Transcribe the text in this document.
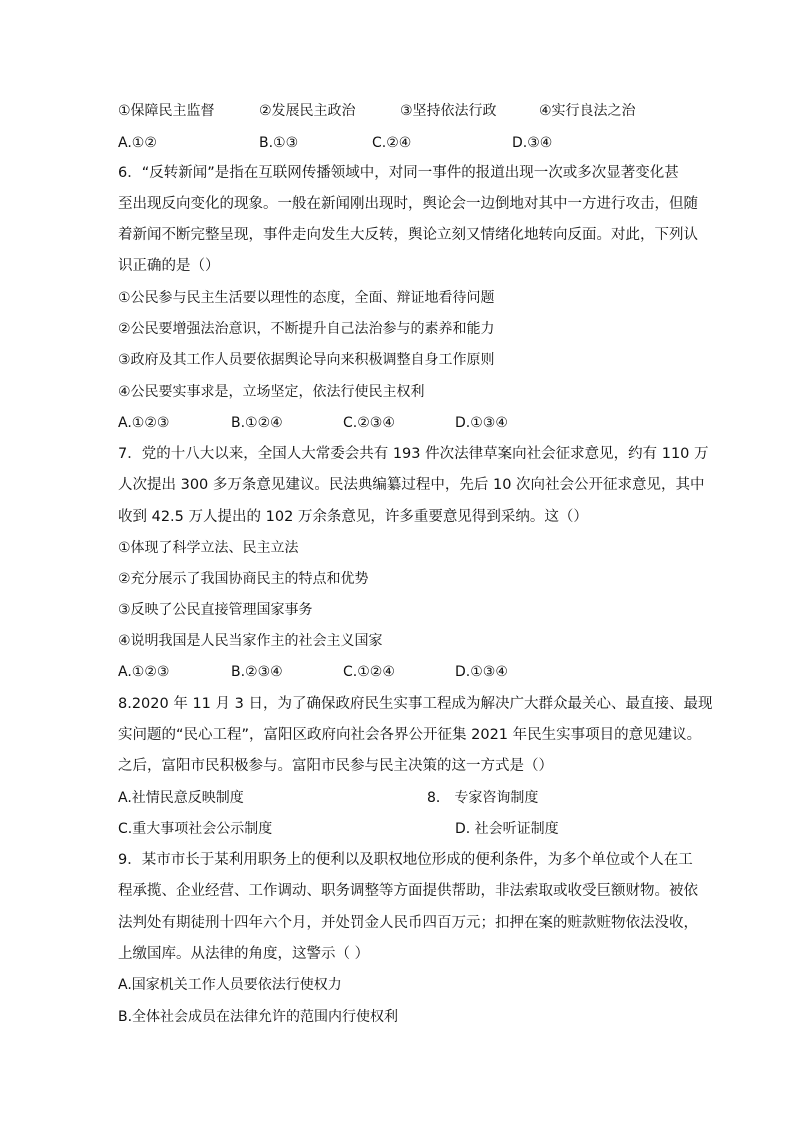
①保障民主监督	②发展民主政治	③坚持依法行政	④实行良法之治
A.①②	B.①③	C.②④	D.③④
6．“反转新闻”是指在互联网传播领域中，对同一事件的报道出现一次或多次显著变化甚
至出现反向变化的现象。一般在新闻刚出现时，舆论会一边倒地对其中一方进行攻击，但随
着新闻不断完整呈现，事件走向发生大反转，舆论立刻又情绪化地转向反面。对此，下列认
识正确的是（）
①公民参与民主生活要以理性的态度，全面、辩证地看待问题
②公民要增强法治意识，不断提升自己法治参与的素养和能力
③政府及其工作人员要依据舆论导向来积极调整自身工作原则
④公民要实事求是，立场坚定，依法行使民主权利
A.①②③	B.①②④	C.②③④	D.①③④
7．党的十八大以来，全国人大常委会共有 193 件次法律草案向社会征求意见，约有 110 万
人次提出 300 多万条意见建议。民法典编纂过程中，先后 10 次向社会公开征求意见，其中
收到 42.5 万人提出的 102 万余条意见，许多重要意见得到采纳。这（）
①体现了科学立法、民主立法
②充分展示了我国协商民主的特点和优势
③反映了公民直接管理国家事务
④说明我国是人民当家作主的社会主义国家
A.①②③	B.②③④	C.①②④	D.①③④
8.2020 年 11 月 3 日，为了确保政府民生实事工程成为解决广大群众最关心、最直接、最现
实问题的“民心工程”，富阳区政府向社会各界公开征集 2021 年民生实事项目的意见建议。
之后，富阳市民积极参与。富阳市民参与民主决策的这一方式是（）
A.社情民意反映制度	8． 专家咨询制度
C.重大事项社会公示制度	D. 社会听证制度
9．某市市长于某利用职务上的便利以及职权地位形成的便利条件，为多个单位或个人在工
程承揽、企业经营、工作调动、职务调整等方面提供帮助，非法索取或收受巨额财物。被依
法判处有期徒刑十四年六个月，并处罚金人民币四百万元；扣押在案的赃款赃物依法没收，
上缴国库。从法律的角度，这警示（ ）
A.国家机关工作人员要依法行使权力
B.全体社会成员在法律允许的范围内行使权利
